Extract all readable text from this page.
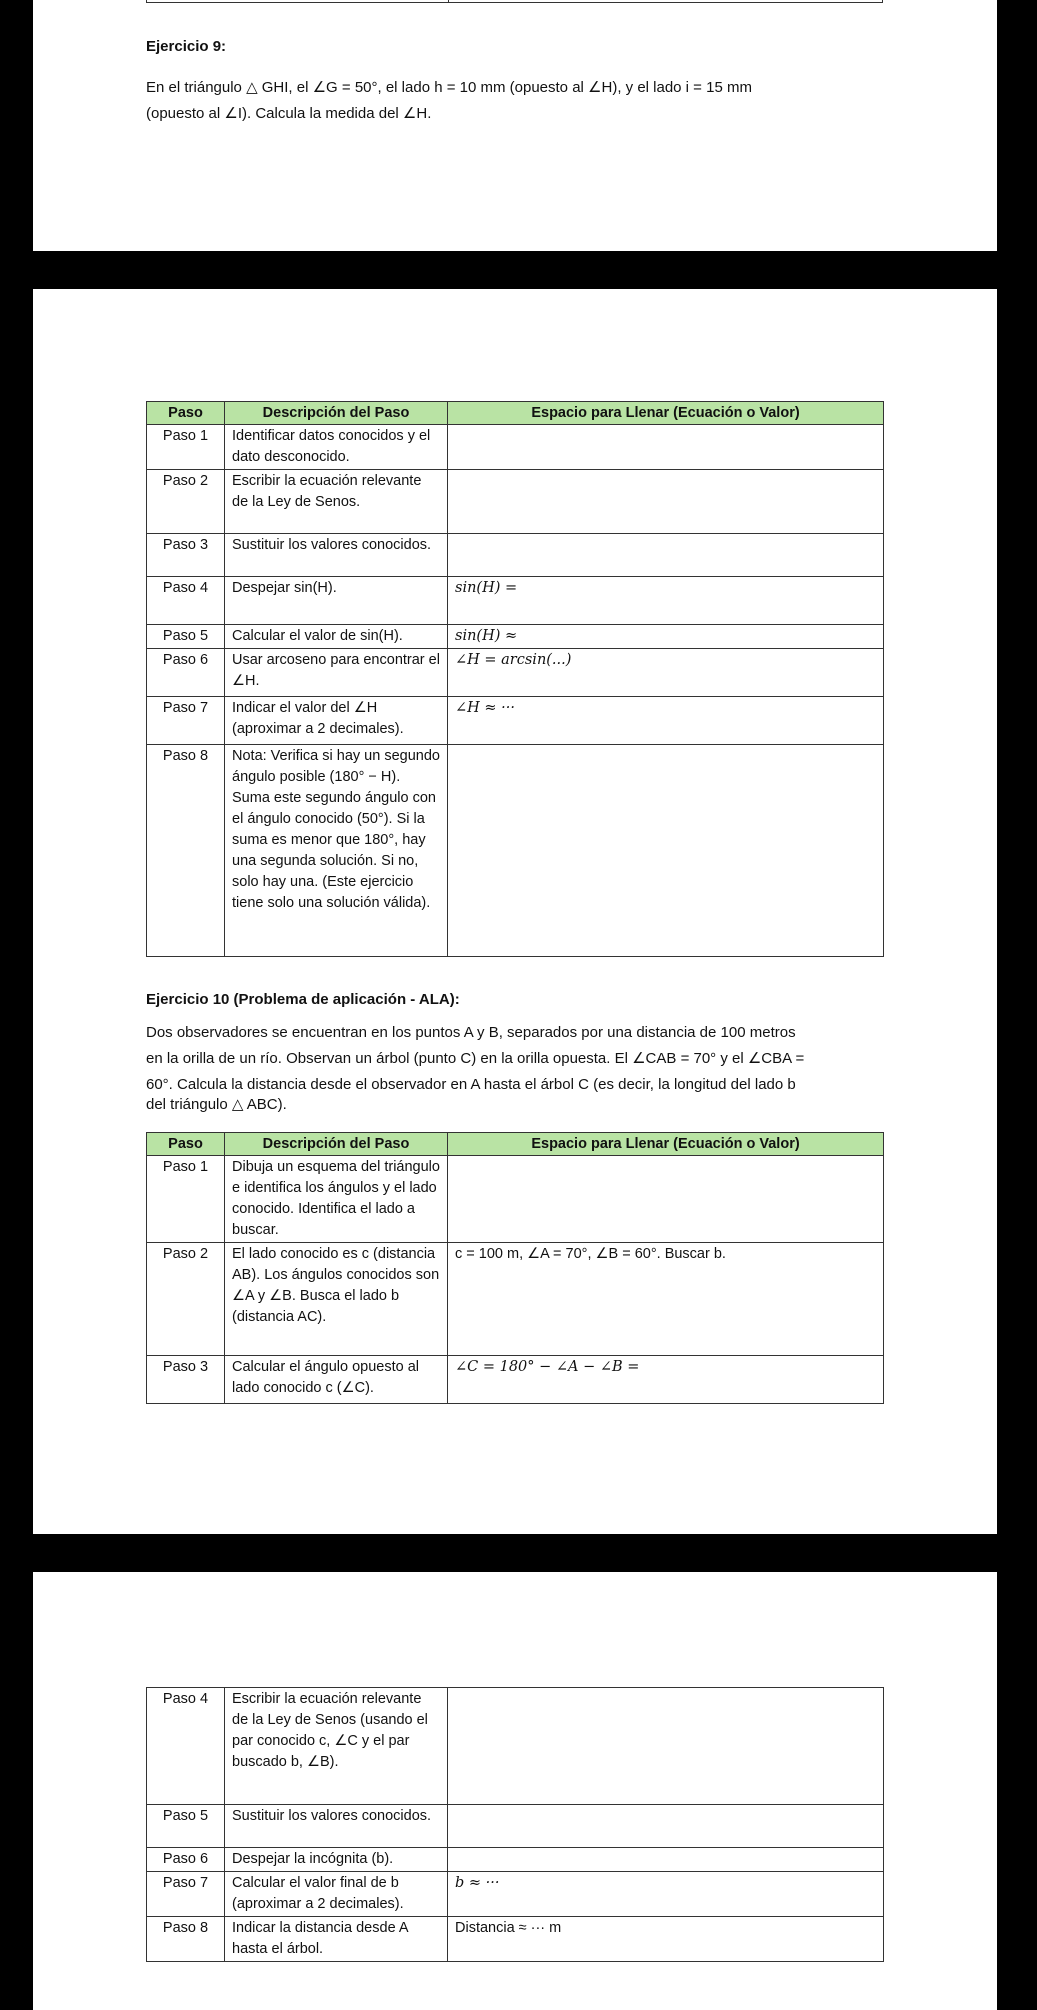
Ejercicio 9:

En el triángulo △ GHI, el ∠G = 50°, el lado h = 10 mm (opuesto al ∠H), y el lado i = 15 mm

(opuesto al ∠I). Calcula la medida del ∠H.

Paso	Descripción del Paso	Espacio para Llenar (Ecuación o Valor)
Paso 1	Identificar datos conocidos y el dato desconocido.	
Paso 2	Escribir la ecuación relevante de la Ley de Senos.	
Paso 3	Sustituir los valores conocidos.	
Paso 4	Despejar sin(H).	sin(H) =
Paso 5	Calcular el valor de sin(H).	sin(H) ≈
Paso 6	Usar arcoseno para encontrar el ∠H.	∠H = arcsin(...)
Paso 7	Indicar el valor del ∠H (aproximar a 2 decimales).	∠H ≈ ···
Paso 8	Nota: Verifica si hay un segundo ángulo posible (180° − H). Suma este segundo ángulo con el ángulo conocido (50°). Si la suma es menor que 180°, hay una segunda solución. Si no, solo hay una. (Este ejercicio tiene solo una solución válida).	

Ejercicio 10 (Problema de aplicación - ALA):

Dos observadores se encuentran en los puntos A y B, separados por una distancia de 100 metros

en la orilla de un río. Observan un árbol (punto C) en la orilla opuesta. El ∠CAB = 70° y el ∠CBA =

60°. Calcula la distancia desde el observador en A hasta el árbol C (es decir, la longitud del lado b

del triángulo △ ABC).

Paso	Descripción del Paso	Espacio para Llenar (Ecuación o Valor)
Paso 1	Dibuja un esquema del triángulo e identifica los ángulos y el lado conocido. Identifica el lado a buscar.	
Paso 2	El lado conocido es c (distancia AB). Los ángulos conocidos son ∠A y ∠B. Busca el lado b (distancia AC).	c = 100 m, ∠A = 70°, ∠B = 60°. Buscar b.
Paso 3	Calcular el ángulo opuesto al lado conocido c (∠C).	∠C = 180° − ∠A − ∠B =
Paso 4	Escribir la ecuación relevante de la Ley de Senos (usando el par conocido c, ∠C y el par buscado b, ∠B).	
Paso 5	Sustituir los valores conocidos.	
Paso 6	Despejar la incógnita (b).	
Paso 7	Calcular el valor final de b (aproximar a 2 decimales).	b ≈ ···
Paso 8	Indicar la distancia desde A hasta el árbol.	Distancia ≈ ··· m
